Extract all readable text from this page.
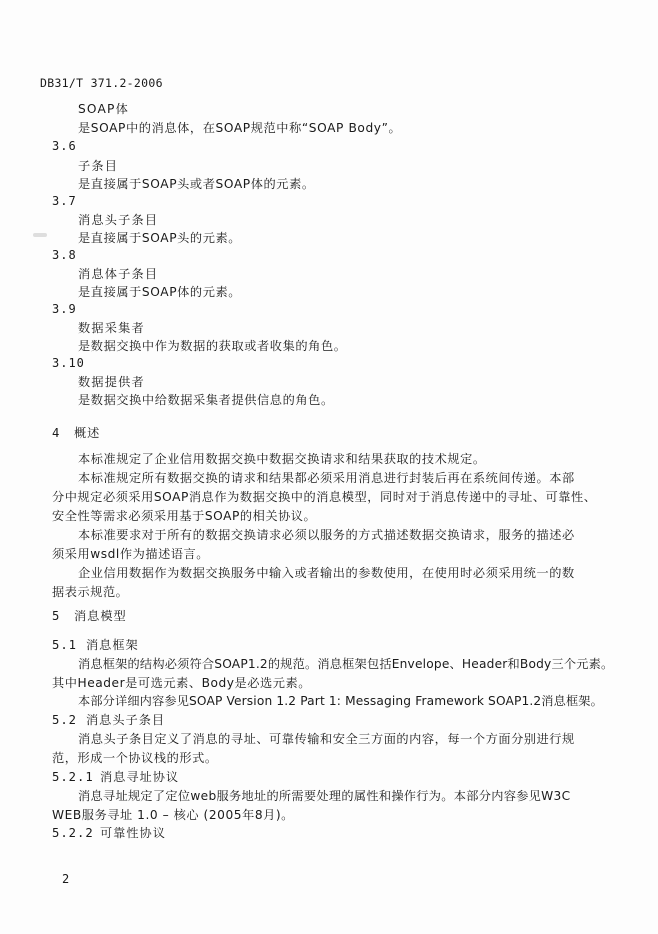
DB31/T 371.2-2006
SOAP体
是SOAP中的消息体，在SOAP规范中称“SOAP Body”。
3.6
子条目
是直接属于SOAP头或者SOAP体的元素。
3.7
消息头子条目
是直接属于SOAP头的元素。
3.8
消息体子条目
是直接属于SOAP体的元素。
3.9
数据采集者
是数据交换中作为数据的获取或者收集的角色。
3.10
数据提供者
是数据交换中给数据采集者提供信息的角色。
4 概述
本标准规定了企业信用数据交换中数据交换请求和结果获取的技术规定。
本标准规定所有数据交换的请求和结果都必须采用消息进行封装后再在系统间传递。本部
分中规定必须采用SOAP消息作为数据交换中的消息模型，同时对于消息传递中的寻址、可靠性、
安全性等需求必须采用基于SOAP的相关协议。
本标准要求对于所有的数据交换请求必须以服务的方式描述数据交换请求，服务的描述必
须采用wsdl作为描述语言。
企业信用数据作为数据交换服务中输入或者输出的参数使用，在使用时必须采用统一的数
据表示规范。
5 消息模型
5.1 消息框架
消息框架的结构必须符合SOAP1.2的规范。消息框架包括Envelope、Header和Body三个元素。
其中Header是可选元素、Body是必选元素。
本部分详细内容参见SOAP Version 1.2 Part 1: Messaging Framework SOAP1.2消息框架。
5.2 消息头子条目
消息头子条目定义了消息的寻址、可靠传输和安全三方面的内容，每一个方面分别进行规
范，形成一个协议栈的形式。
5.2.1 消息寻址协议
消息寻址规定了定位web服务地址的所需要处理的属性和操作行为。本部分内容参见W3C
WEB服务寻址 1.0 – 核心 (2005年8月)。
5.2.2 可靠性协议
2
